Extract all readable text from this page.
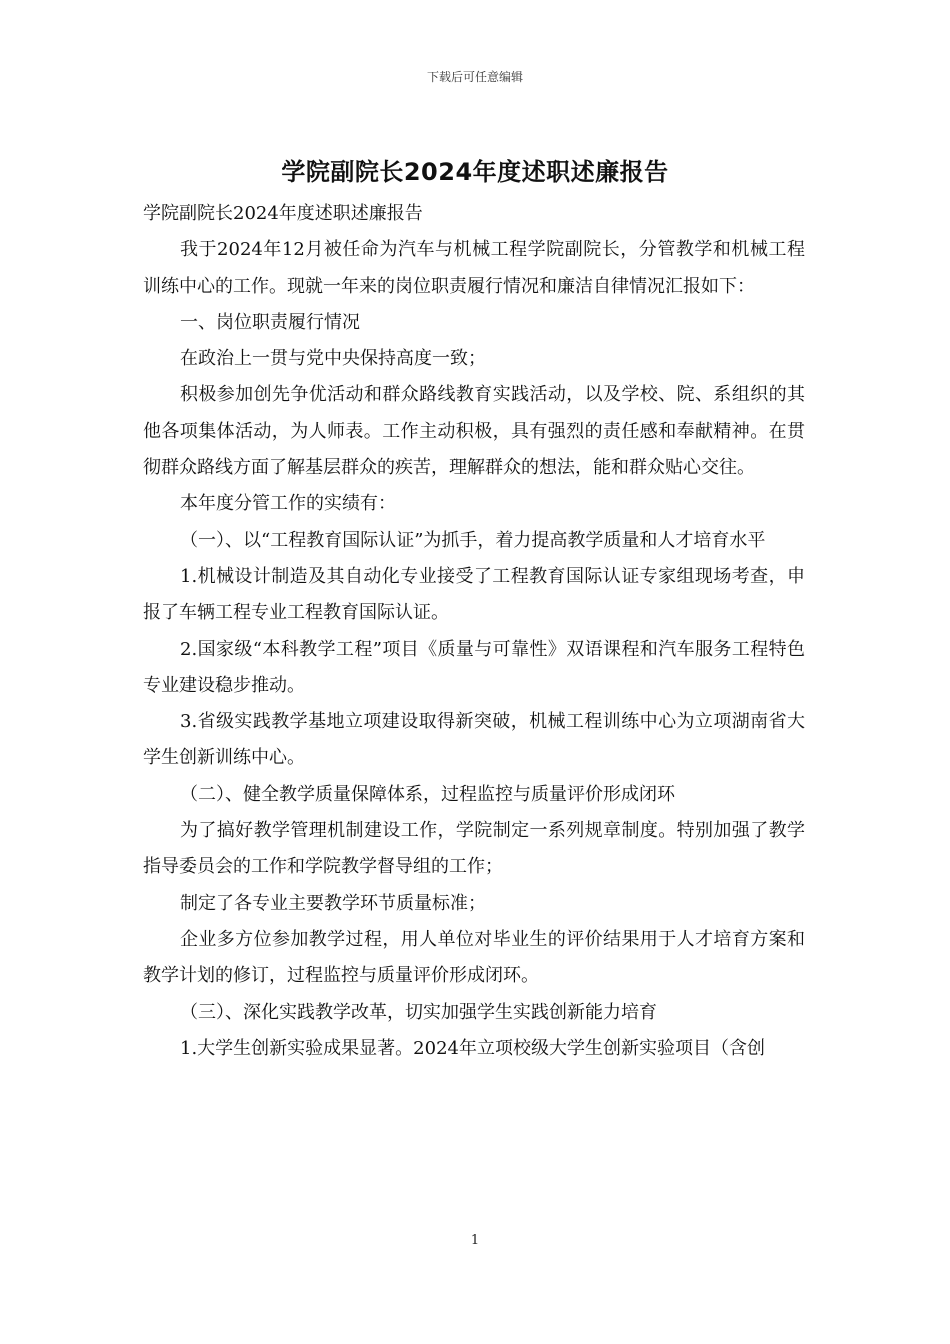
下载后可任意编辑
学院副院长2024年度述职述廉报告

学院副院长2024年度述职述廉报告

我于2024年12月被任命为汽车与机械工程学院副院长，分管教学和机械工程训练中心的工作。现就一年来的岗位职责履行情况和廉洁自律情况汇报如下：

一、岗位职责履行情况

在政治上一贯与党中央保持高度一致；

积极参加创先争优活动和群众路线教育实践活动，以及学校、院、系组织的其他各项集体活动，为人师表。工作主动积极，具有强烈的责任感和奉献精神。在贯彻群众路线方面了解基层群众的疾苦，理解群众的想法，能和群众贴心交往。

本年度分管工作的实绩有：

（一）、以“工程教育国际认证”为抓手，着力提高教学质量和人才培育水平

1.机械设计制造及其自动化专业接受了工程教育国际认证专家组现场考查，申报了车辆工程专业工程教育国际认证。

2.国家级“本科教学工程”项目《质量与可靠性》双语课程和汽车服务工程特色专业建设稳步推动。

3.省级实践教学基地立项建设取得新突破，机械工程训练中心为立项湖南省大学生创新训练中心。

（二）、健全教学质量保障体系，过程监控与质量评价形成闭环

为了搞好教学管理机制建设工作，学院制定一系列规章制度。特别加强了教学指导委员会的工作和学院教学督导组的工作；

制定了各专业主要教学环节质量标准；

企业多方位参加教学过程，用人单位对毕业生的评价结果用于人才培育方案和教学计划的修订，过程监控与质量评价形成闭环。

（三）、深化实践教学改革，切实加强学生实践创新能力培育

1.大学生创新实验成果显著。2024年立项校级大学生创新实验项目（含创

1
